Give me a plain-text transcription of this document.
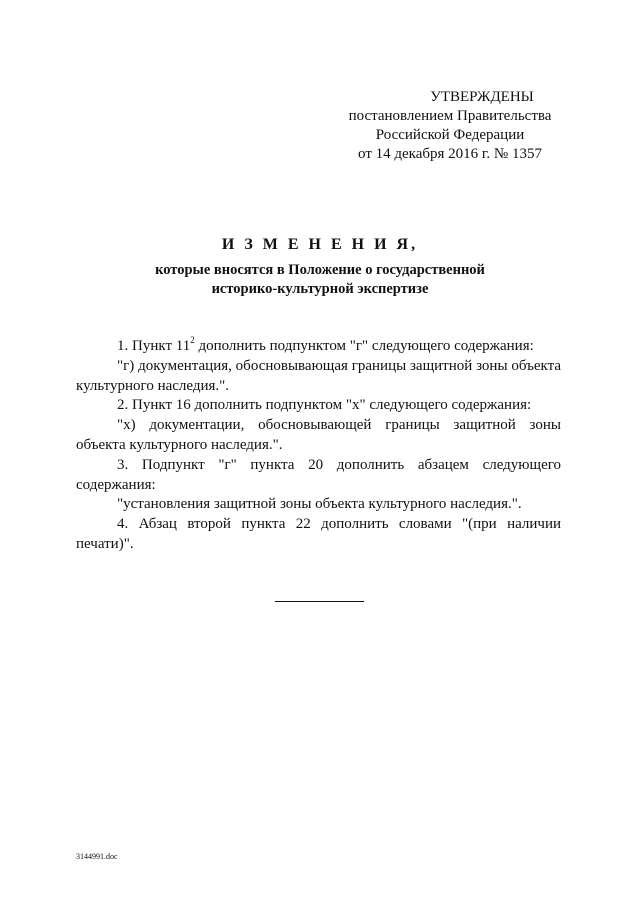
УТВЕРЖДЕНЫ
постановлением Правительства
Российской Федерации
от 14 декабря 2016 г. № 1357
И З М Е Н Е Н И Я,
которые вносятся в Положение о государственной
историко-культурной экспертизе

1. Пункт $11^2$ дополнить подпунктом "г" следующего содержания:

"г) документация, обосновывающая границы защитной зоны объекта культурного наследия.".

2. Пункт 16 дополнить подпунктом "х" следующего содержания:

"х) документации, обосновывающей границы защитной зоны объекта культурного наследия.".

3. Подпункт "г" пункта 20 дополнить абзацем следующего содержания:

"установления защитной зоны объекта культурного наследия.".

4. Абзац второй пункта 22 дополнить словами "(при наличии печати)".

3144991.doc
